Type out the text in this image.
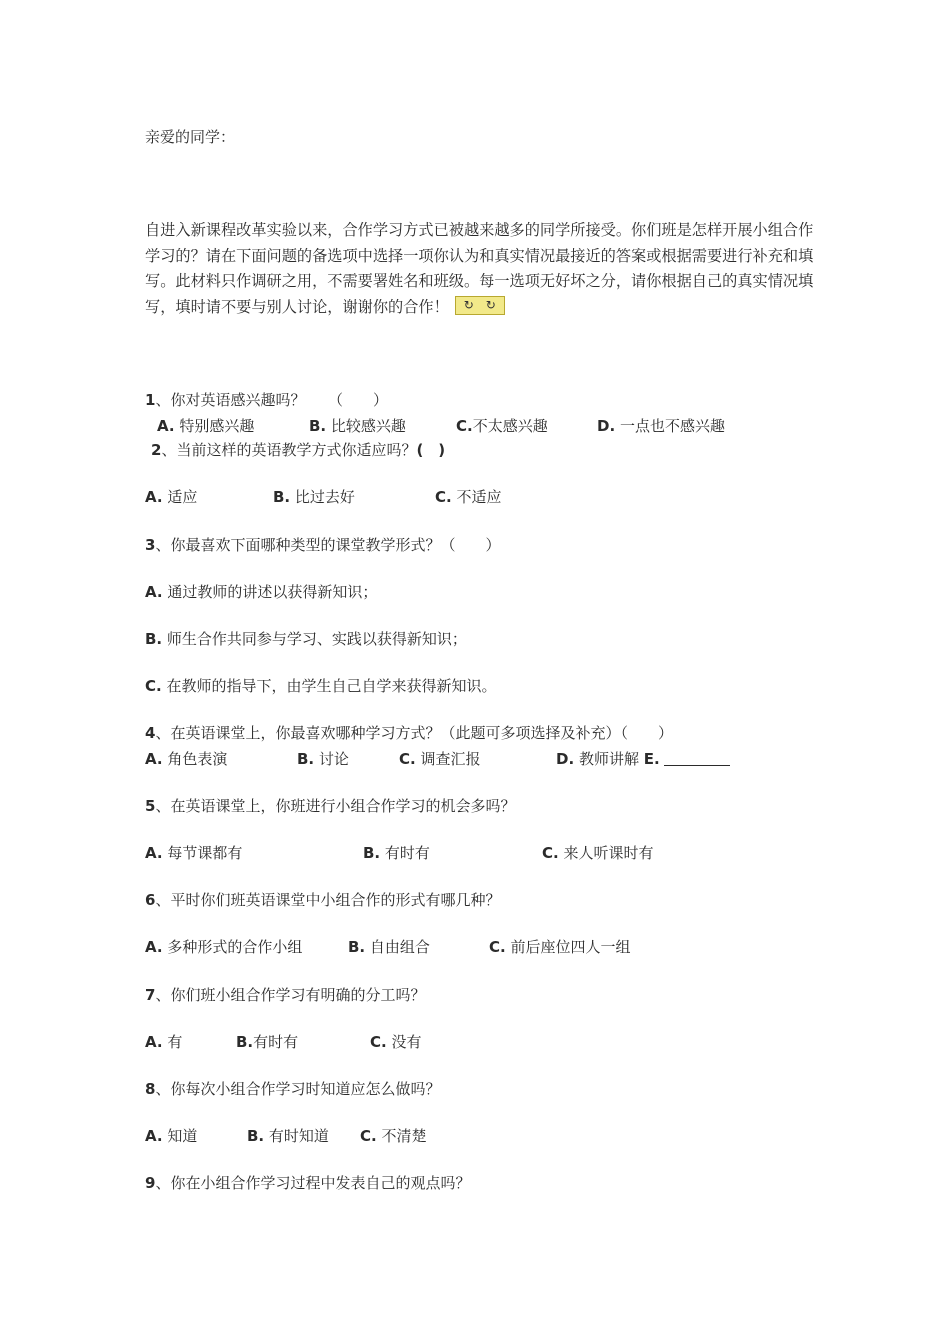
亲爱的同学：
自进入新课程改革实验以来，合作学习方式已被越来越多的同学所接受。你们班是怎样开展小组合作学习的？请在下面问题的备选项中选择一项你认为和真实情况最接近的答案或根据需要进行补充和填写。此材料只作调研之用，不需要署姓名和班级。每一选项无好坏之分，请你根据自己的真实情况填写，填时请不要与别人讨论，谢谢你的合作！	↻ ↻
1、你对英语感兴趣吗？　　（　　）
A. 特别感兴趣	B. 比较感兴趣	C.不太感兴趣	D. 一点也不感兴趣
2、当前这样的英语教学方式你适应吗？(　)
A. 适应	B. 比过去好	C. 不适应
3、你最喜欢下面哪种类型的课堂教学形式？（　　）
A. 通过教师的讲述以获得新知识；
B. 师生合作共同参与学习、实践以获得新知识；
C. 在教师的指导下，由学生自己自学来获得新知识。
4、在英语课堂上，你最喜欢哪种学习方式？（此题可多项选择及补充）（　　）
A. 角色表演	B. 讨论	C. 调查汇报	D. 教师讲解 E.
5、在英语课堂上，你班进行小组合作学习的机会多吗？
A. 每节课都有	B. 有时有	C. 来人听课时有
6、平时你们班英语课堂中小组合作的形式有哪几种？
A. 多种形式的合作小组	B. 自由组合	C. 前后座位四人一组
7、你们班小组合作学习有明确的分工吗？
A. 有	B.有时有	C. 没有
8、你每次小组合作学习时知道应怎么做吗？
A. 知道	B. 有时知道 C. 不清楚
9、你在小组合作学习过程中发表自己的观点吗？
